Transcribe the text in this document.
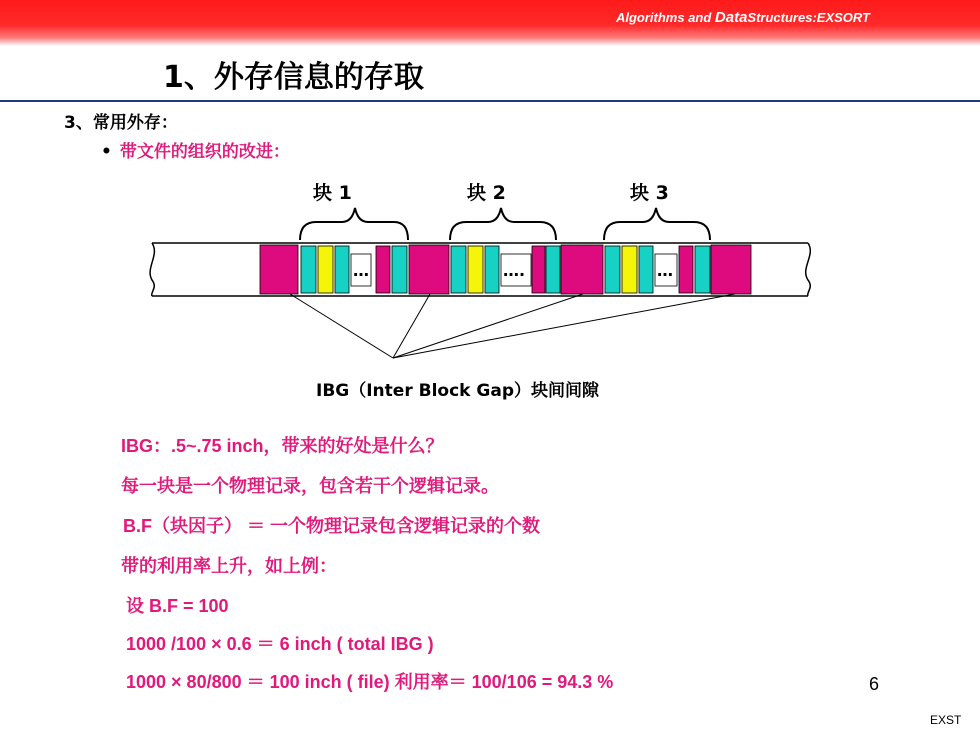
Algorithms and DataStructures:EXSORT
1、外存信息的存取
3、常用外存：
• 带文件的组织的改进：
块 1	块 2	块 3
…	….	…
IBG（Inter Block Gap）块间间隙
IBG：.5~.75 inch，带来的好处是什么？
每一块是一个物理记录，包含若干个逻辑记录。
B.F（块因子） ＝ 一个物理记录包含逻辑记录的个数
带的利用率上升，如上例：
设 B.F = 100
1000 /100 × 0.6 ＝ 6 inch ( total IBG )
1000 × 80/800 ＝ 100 inch ( file) 利用率＝ 100/106 = 94.3 %	6
EXST
